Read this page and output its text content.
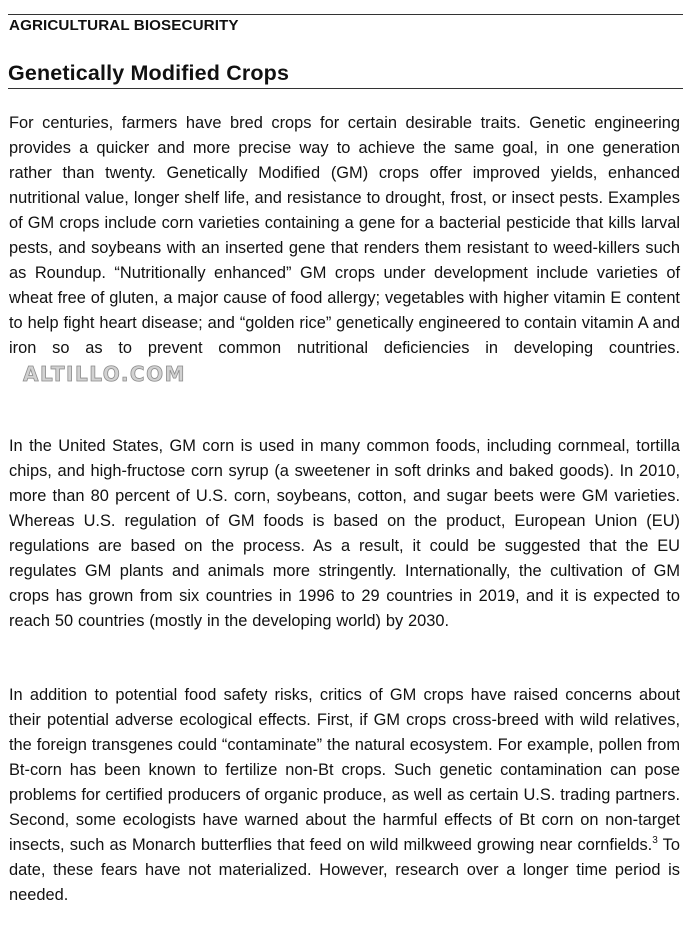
AGRICULTURAL BIOSECURITY
Genetically Modified Crops

For centuries, farmers have bred crops for certain desirable traits. Genetic engineering provides a quicker and more precise way to achieve the same goal, in one generation rather than twenty. Genetically Modified (GM) crops offer improved yields, enhanced nutritional value, longer shelf life, and resistance to drought, frost, or insect pests. Examples of GM crops include corn varieties containing a gene for a bacterial pesticide that kills larval pests, and soybeans with an inserted gene that renders them resistant to weed-killers such as Roundup. “Nutritionally enhanced” GM crops under development include varieties of wheat free of gluten, a major cause of food allergy; vegetables with higher vitamin E content to help fight heart disease; and “golden rice” genetically engineered to contain vitamin A and iron so as to prevent common nutritional deficiencies in developing countries.ALTILLO.COM

In the United States, GM corn is used in many common foods, including cornmeal, tortilla chips, and high-fructose corn syrup (a sweetener in soft drinks and baked goods). In 2010, more than 80 percent of U.S. corn, soybeans, cotton, and sugar beets were GM varieties. Whereas U.S. regulation of GM foods is based on the product, European Union (EU) regulations are based on the process. As a result, it could be suggested that the EU regulates GM plants and animals more stringently. Internationally, the cultivation of GM crops has grown from six countries in 1996 to 29 countries in 2019, and it is expected to reach 50 countries (mostly in the developing world) by 2030.

In addition to potential food safety risks, critics of GM crops have raised concerns about their potential adverse ecological effects. First, if GM crops cross-breed with wild relatives, the foreign transgenes could “contaminate” the natural ecosystem. For example, pollen from Bt-corn has been known to fertilize non-Bt crops. Such genetic contamination can pose problems for certified producers of organic produce, as well as certain U.S. trading partners. Second, some ecologists have warned about the harmful effects of Bt corn on non-target insects, such as Monarch butterflies that feed on wild milkweed growing near cornfields.$^3$ To date, these fears have not materialized. However, research over a longer time period is needed.
